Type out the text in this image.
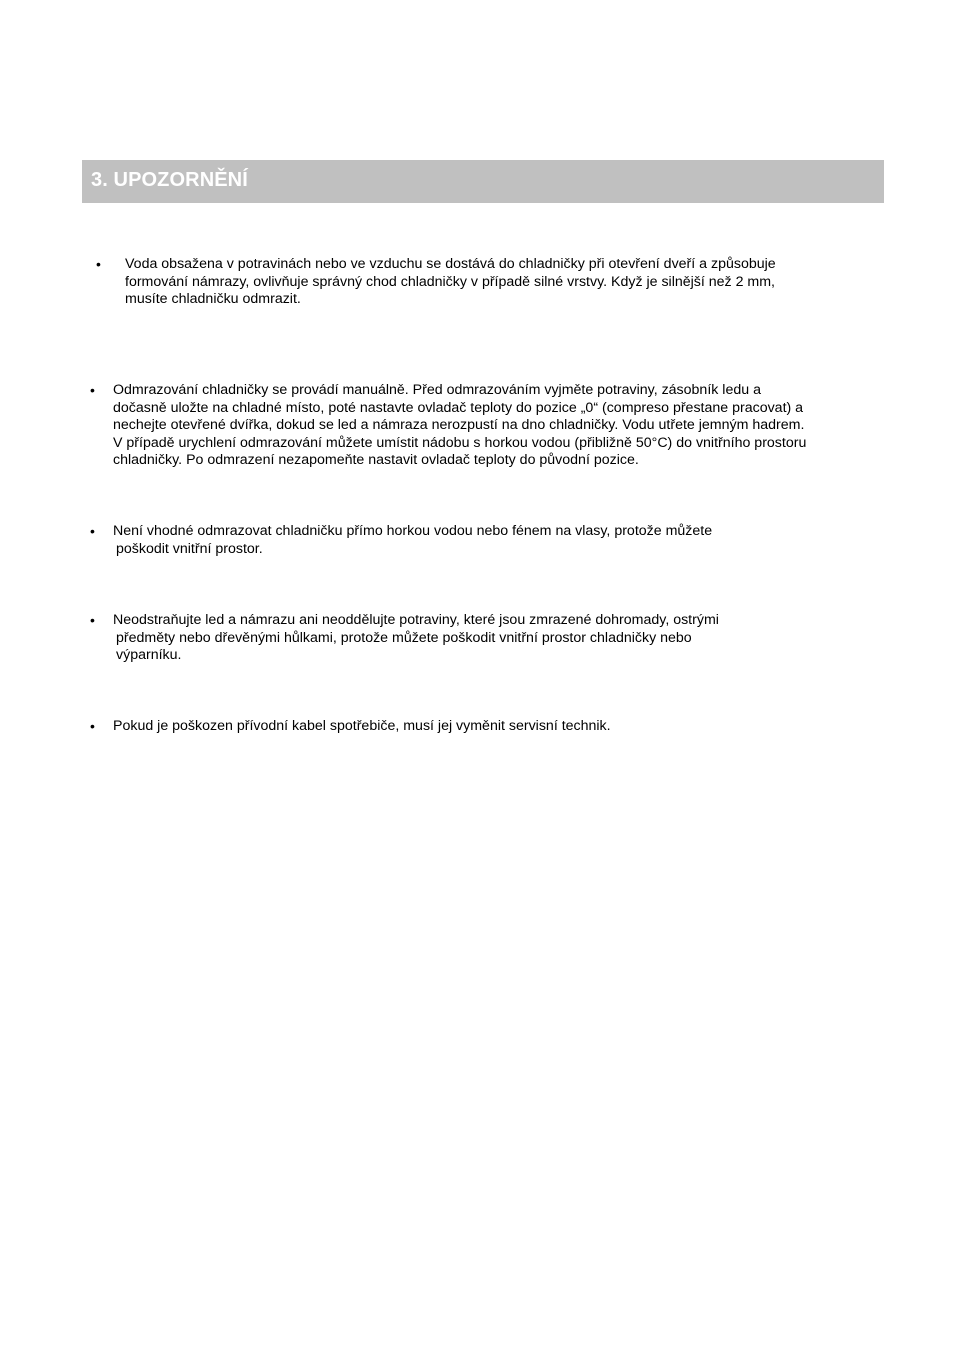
3. UPOZORNĚNÍ
• Voda obsažena v potravinách nebo ve vzduchu se dostává do chladničky při otevření dveří a způsobuje
formování námrazy, ovlivňuje správný chod chladničky v případě silné vrstvy. Když je silnější než 2 mm,
musíte chladničku odmrazit.
• Odmrazování chladničky se provádí manuálně. Před odmrazováním vyjměte potraviny, zásobník ledu a
dočasně uložte na chladné místo, poté nastavte ovladač teploty do pozice „0“ (compreso přestane pracovat) a
nechejte otevřené dvířka, dokud se led a námraza nerozpustí na dno chladničky. Vodu utřete jemným hadrem.
V případě urychlení odmrazování můžete umístit nádobu s horkou vodou (přibližně 50°C) do vnitřního prostoru
chladničky. Po odmrazení nezapomeňte nastavit ovladač teploty do původní pozice.
• Není vhodné odmrazovat chladničku přímo horkou vodou nebo fénem na vlasy, protože můžete
poškodit vnitřní prostor.
• Neodstraňujte led a námrazu ani neoddělujte potraviny, které jsou zmrazené dohromady, ostrými
předměty nebo dřevěnými hůlkami, protože můžete poškodit vnitřní prostor chladničky nebo
výparníku.
• Pokud je poškozen přívodní kabel spotřebiče, musí jej vyměnit servisní technik.
